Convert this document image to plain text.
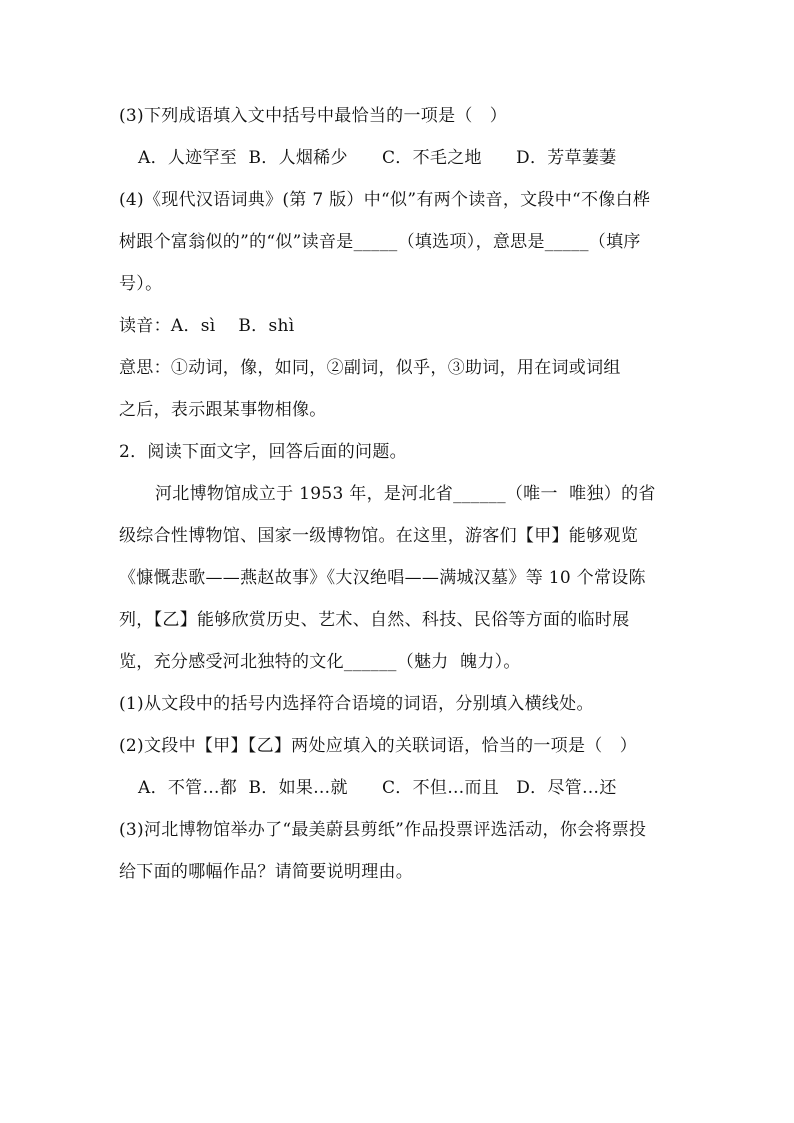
(3)下列成语填入文中括号中最恰当的一项是（   ）
A．人迹罕至  B．人烟稀少      C．不毛之地      D．芳草萋萋
(4)《现代汉语词典》(第 7 版）中“似”有两个读音，文段中“不像白桦
树跟个富翁似的”的“似”读音是_____（填选项），意思是_____（填序
号）。
读音：A．sì    B．shì
意思：①动词，像，如同，②副词，似乎，③助词，用在词或词组
之后，表示跟某事物相像。
2．阅读下面文字，回答后面的问题。
河北博物馆成立于 1953 年，是河北省______（唯一  唯独）的省
级综合性博物馆、国家一级博物馆。在这里，游客们【甲】能够观览
《慷慨悲歌——燕赵故事》《大汉绝唱——满城汉墓》等 10 个常设陈
列，【乙】能够欣赏历史、艺术、自然、科技、民俗等方面的临时展
览，充分感受河北独特的文化______（魅力  魄力）。
(1)从文段中的括号内选择符合语境的词语，分别填入横线处。
(2)文段中【甲】【乙】两处应填入的关联词语，恰当的一项是（   ）
A．不管…都  B．如果…就      C．不但…而且   D．尽管…还
(3)河北博物馆举办了“最美蔚县剪纸”作品投票评选活动，你会将票投
给下面的哪幅作品？请简要说明理由。
